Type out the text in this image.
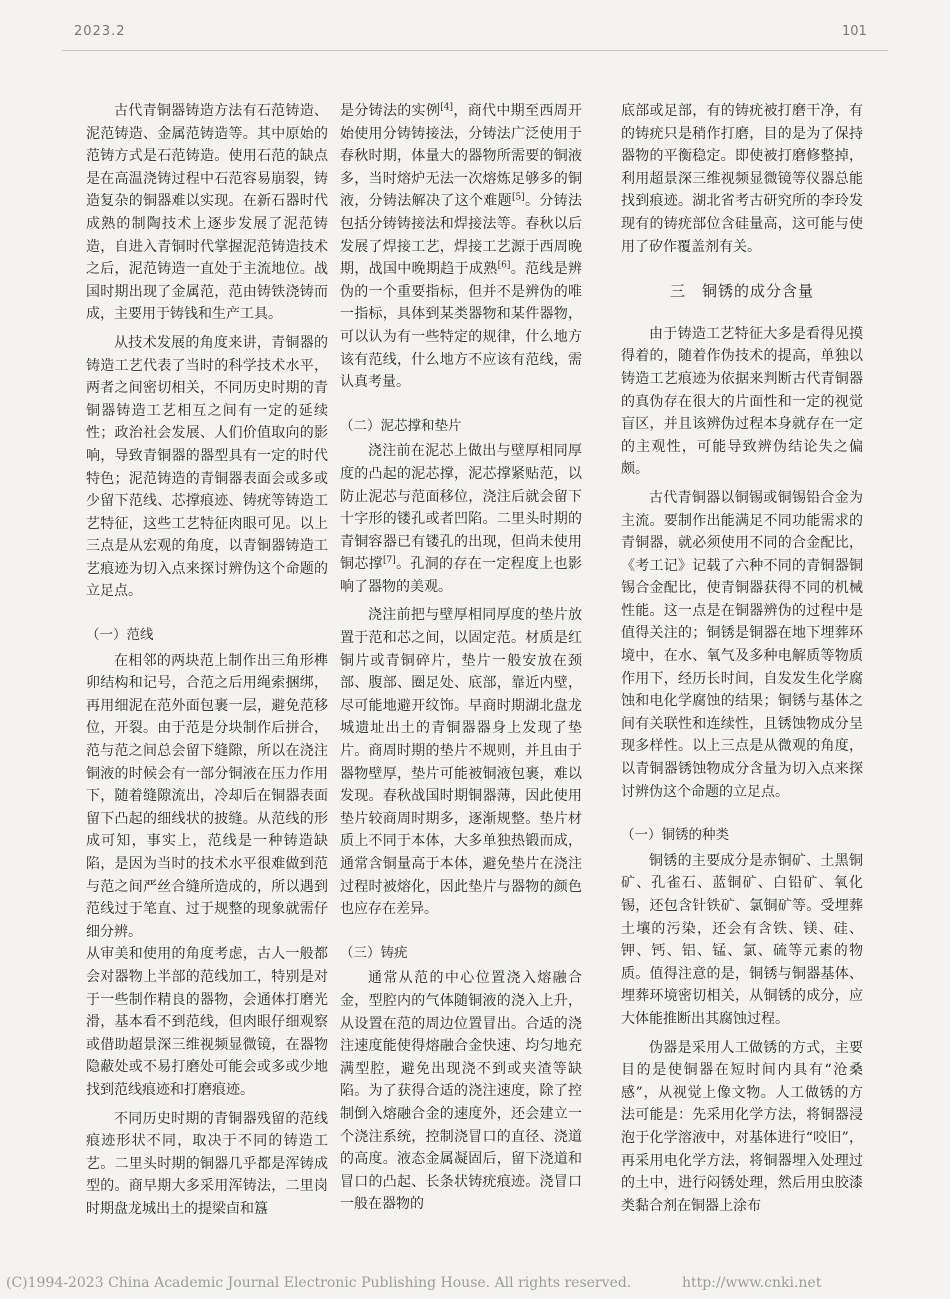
2023.2	101

古代青铜器铸造方法有石范铸造、泥范铸造、金属范铸造等。其中原始的范铸方式是石范铸造。使用石范的缺点是在高温浇铸过程中石范容易崩裂，铸造复杂的铜器难以实现。在新石器时代成熟的制陶技术上逐步发展了泥范铸造，自进入青铜时代掌握泥范铸造技术之后，泥范铸造一直处于主流地位。战国时期出现了金属范，范由铸铁浇铸而成，主要用于铸钱和生产工具。

从技术发展的角度来讲，青铜器的铸造工艺代表了当时的科学技术水平，两者之间密切相关，不同历史时期的青铜器铸造工艺相互之间有一定的延续性；政治社会发展、人们价值取向的影响，导致青铜器的器型具有一定的时代特色；泥范铸造的青铜器表面会或多或少留下范线、芯撑痕迹、铸疣等铸造工艺特征，这些工艺特征肉眼可见。以上三点是从宏观的角度，以青铜器铸造工艺痕迹为切入点来探讨辨伪这个命题的立足点。

（一）范线

在相邻的两块范上制作出三角形榫卯结构和记号，合范之后用绳索捆绑，再用细泥在范外面包裹一层，避免范移位，开裂。由于范是分块制作后拼合，范与范之间总会留下缝隙，所以在浇注铜液的时候会有一部分铜液在压力作用下，随着缝隙流出，冷却后在铜器表面留下凸起的细线状的披缝。从范线的形成可知，事实上，范线是一种铸造缺陷，是因为当时的技术水平很难做到范与范之间严丝合缝所造成的，所以遇到范线过于笔直、过于规整的现象就需仔细分辨。

从审美和使用的角度考虑，古人一般都会对器物上半部的范线加工，特别是对于一些制作精良的器物，会通体打磨光滑，基本看不到范线，但肉眼仔细观察或借助超景深三维视频显微镜，在器物隐蔽处或不易打磨处可能会或多或少地找到范线痕迹和打磨痕迹。

不同历史时期的青铜器残留的范线痕迹形状不同，取决于不同的铸造工艺。二里头时期的铜器几乎都是浑铸成型的。商早期大多采用浑铸法，二里岗时期盘龙城出土的提梁卣和簋

是分铸法的实例[4]，商代中期至西周开始使用分铸铸接法，分铸法广泛使用于春秋时期，体量大的器物所需要的铜液多，当时熔炉无法一次熔炼足够多的铜液，分铸法解决了这个难题[5]。分铸法包括分铸铸接法和焊接法等。春秋以后发展了焊接工艺，焊接工艺源于西周晚期，战国中晚期趋于成熟[6]。范线是辨伪的一个重要指标，但并不是辨伪的唯一指标，具体到某类器物和某件器物，可以认为有一些特定的规律，什么地方该有范线，什么地方不应该有范线，需认真考量。

（二）泥芯撑和垫片

浇注前在泥芯上做出与壁厚相同厚度的凸起的泥芯撑，泥芯撑紧贴范，以防止泥芯与范面移位，浇注后就会留下十字形的镂孔或者凹陷。二里头时期的青铜容器已有镂孔的出现，但尚未使用铜芯撑[7]。孔洞的存在一定程度上也影响了器物的美观。

浇注前把与壁厚相同厚度的垫片放置于范和芯之间，以固定范。材质是红铜片或青铜碎片，垫片一般安放在颈部、腹部、圈足处、底部，靠近内壁，尽可能地避开纹饰。早商时期湖北盘龙城遗址出土的青铜器器身上发现了垫片。商周时期的垫片不规则，并且由于器物壁厚，垫片可能被铜液包裹，难以发现。春秋战国时期铜器薄，因此使用垫片较商周时期多，逐渐规整。垫片材质上不同于本体，大多单独热锻而成，通常含铜量高于本体，避免垫片在浇注过程时被熔化，因此垫片与器物的颜色也应存在差异。

（三）铸疣

通常从范的中心位置浇入熔融合金，型腔内的气体随铜液的浇入上升，从设置在范的周边位置冒出。合适的浇注速度能使得熔融合金快速、均匀地充满型腔，避免出现浇不到或夹渣等缺陷。为了获得合适的浇注速度，除了控制倒入熔融合金的速度外，还会建立一个浇注系统，控制浇冒口的直径、浇道的高度。液态金属凝固后，留下浇道和冒口的凸起、长条状铸疣痕迹。浇冒口一般在器物的

底部或足部，有的铸疣被打磨干净，有的铸疣只是稍作打磨，目的是为了保持器物的平衡稳定。即使被打磨修整掉，利用超景深三维视频显微镜等仪器总能找到痕迹。湖北省考古研究所的李玲发现有的铸疣部位含硅量高，这可能与使用了矽作覆盖剂有关。

三　铜锈的成分含量

由于铸造工艺特征大多是看得见摸得着的，随着作伪技术的提高，单独以铸造工艺痕迹为依据来判断古代青铜器的真伪存在很大的片面性和一定的视觉盲区，并且该辨伪过程本身就存在一定的主观性，可能导致辨伪结论失之偏颇。

古代青铜器以铜锡或铜锡铅合金为主流。要制作出能满足不同功能需求的青铜器，就必须使用不同的合金配比，《考工记》记载了六种不同的青铜器铜锡合金配比，使青铜器获得不同的机械性能。这一点是在铜器辨伪的过程中是值得关注的；铜锈是铜器在地下埋葬环境中，在水、氧气及多种电解质等物质作用下，经历长时间，自发发生化学腐蚀和电化学腐蚀的结果；铜锈与基体之间有关联性和连续性，且锈蚀物成分呈现多样性。以上三点是从微观的角度，以青铜器锈蚀物成分含量为切入点来探讨辨伪这个命题的立足点。

（一）铜锈的种类

铜锈的主要成分是赤铜矿、土黑铜矿、孔雀石、蓝铜矿、白铅矿、氧化锡，还包含针铁矿、氯铜矿等。受埋葬土壤的污染，还会有含铁、镁、硅、钾、钙、铝、锰、氯、硫等元素的物质。值得注意的是，铜锈与铜器基体、埋葬环境密切相关，从铜锈的成分，应大体能推断出其腐蚀过程。

伪器是采用人工做锈的方式，主要目的是使铜器在短时间内具有“沧桑感”，从视觉上像文物。人工做锈的方法可能是：先采用化学方法，将铜器浸泡于化学溶液中，对基体进行“咬旧”，再采用电化学方法，将铜器埋入处理过的土中，进行闷锈处理，然后用虫胶漆类黏合剂在铜器上涂布

(C)1994-2023 China Academic Journal Electronic Publishing House. All rights reserved.	http://www.cnki.net
